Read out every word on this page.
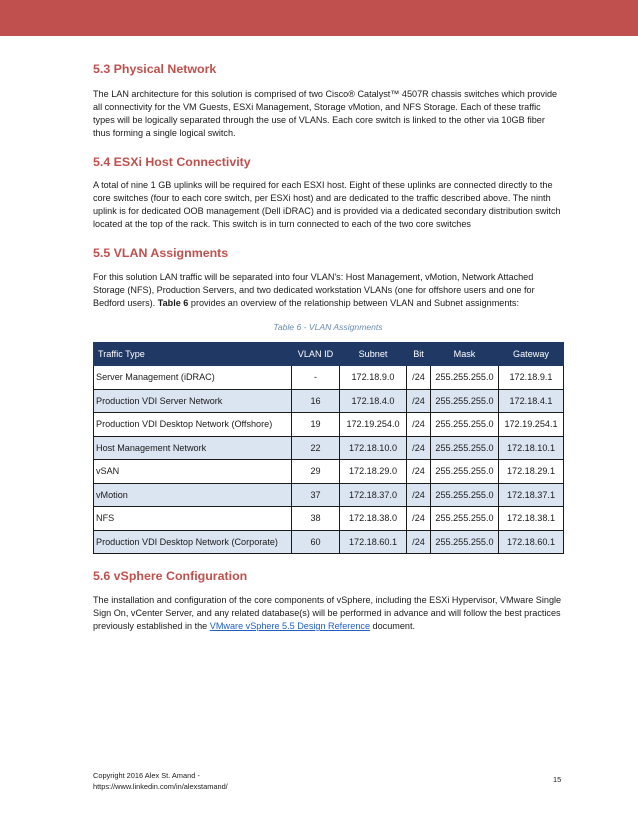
5.3 Physical Network

The LAN architecture for this solution is comprised of two Cisco® Catalyst™ 4507R chassis switches which provide all connectivity for the VM Guests, ESXi Management, Storage vMotion, and NFS Storage. Each of these traffic types will be logically separated through the use of VLANs. Each core switch is linked to the other via 10GB fiber thus forming a single logical switch.

5.4 ESXi Host Connectivity

A total of nine 1 GB uplinks will be required for each ESXI host. Eight of these uplinks are connected directly to the core switches (four to each core switch, per ESXi host) and are dedicated to the traffic described above. The ninth uplink is for dedicated OOB management (Dell iDRAC) and is provided via a dedicated secondary distribution switch located at the top of the rack. This switch is in turn connected to each of the two core switches

5.5 VLAN Assignments

For this solution LAN traffic will be separated into four VLAN's: Host Management, vMotion, Network Attached Storage (NFS), Production Servers, and two dedicated workstation VLANs (one for offshore users and one for Bedford users). Table 6 provides an overview of the relationship between VLAN and Subnet assignments:

Table 6 - VLAN Assignments
Traffic Type	VLAN ID	Subnet	Bit	Mask	Gateway
Server Management (iDRAC)	-	172.18.9.0	/24	255.255.255.0	172.18.9.1
Production VDI Server Network	16	172.18.4.0	/24	255.255.255.0	172.18.4.1
Production VDI Desktop Network (Offshore)	19	172.19.254.0	/24	255.255.255.0	172.19.254.1
Host Management Network	22	172.18.10.0	/24	255.255.255.0	172.18.10.1
vSAN	29	172.18.29.0	/24	255.255.255.0	172.18.29.1
vMotion	37	172.18.37.0	/24	255.255.255.0	172.18.37.1
NFS	38	172.18.38.0	/24	255.255.255.0	172.18.38.1
Production VDI Desktop Network (Corporate)	60	172.18.60.1	/24	255.255.255.0	172.18.60.1
5.6 vSphere Configuration

The installation and configuration of the core components of vSphere, including the ESXi Hypervisor, VMware Single Sign On, vCenter Server, and any related database(s) will be performed in advance and will follow the best practices previously established in the VMware vSphere 5.5 Design Reference document.

Copyright 2016 Alex St. Amand -
https://www.linkedin.com/in/alexstamand/
15
